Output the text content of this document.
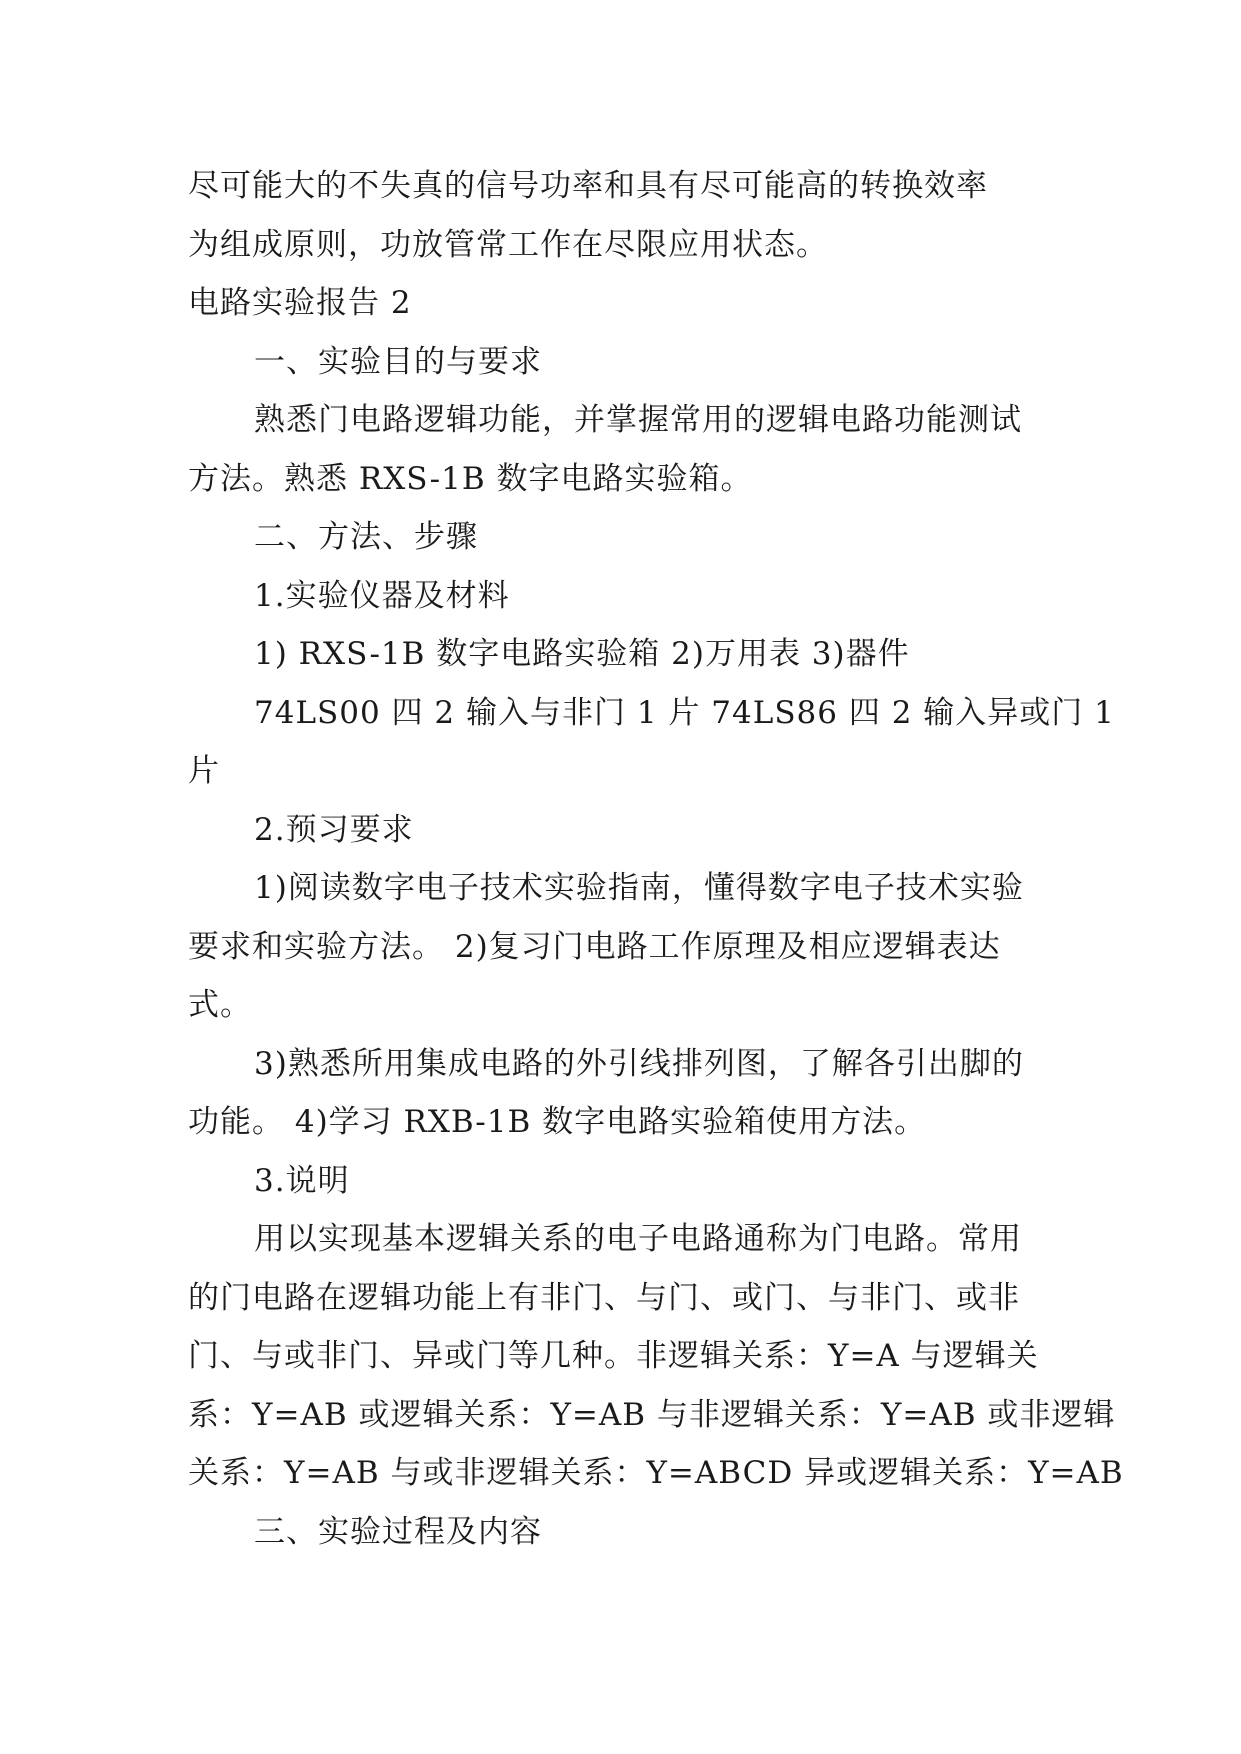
尽可能大的不失真的信号功率和具有尽可能高的转换效率
为组成原则，功放管常工作在尽限应用状态。
电路实验报告 2
一、实验目的与要求
熟悉门电路逻辑功能，并掌握常用的逻辑电路功能测试
方法。熟悉 RXS-1B 数字电路实验箱。
二、方法、步骤
1.实验仪器及材料
1) RXS-1B 数字电路实验箱 2)万用表 3)器件
74LS00 四 2 输入与非门 1 片 74LS86 四 2 输入异或门 1
片
2.预习要求
1)阅读数字电子技术实验指南，懂得数字电子技术实验
要求和实验方法。 2)复习门电路工作原理及相应逻辑表达
式。
3)熟悉所用集成电路的外引线排列图，了解各引出脚的
功能。 4)学习 RXB-1B 数字电路实验箱使用方法。
3.说明
用以实现基本逻辑关系的电子电路通称为门电路。常用
的门电路在逻辑功能上有非门、与门、或门、与非门、或非
门、与或非门、异或门等几种。非逻辑关系：Y=A 与逻辑关
系：Y=AB 或逻辑关系：Y=AB 与非逻辑关系：Y=AB 或非逻辑
关系：Y=AB 与或非逻辑关系：Y=ABCD 异或逻辑关系：Y=AB
三、实验过程及内容
